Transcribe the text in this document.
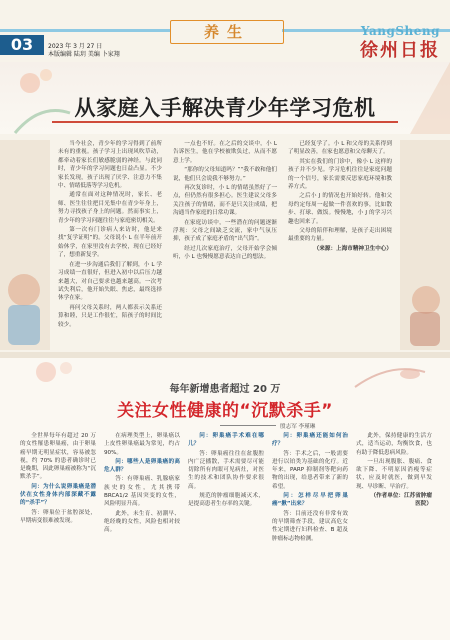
养生	YangSheng
03	2023 年 3 月 27 日
本版编辑 陆玥 美编 卜家翔	徐州日报
从家庭入手解决青少年学习危机

当今社会，青少年的学习得到了前所未有的重视。孩子学习上出现风吹草动，都牵动着家长们敏感脆弱的神经。与此同时，青少年的学习问题也日益凸显。不少家长发现，孩子出现了厌学、注意力不集中、情绪低落等学习危机。

通常在面对这种情况时，家长、老师、医生往往把目光集中在青少年身上，努力寻找孩子身上的问题。然而事实上，青少年的学习问题往往与家庭密切相关。

第一次有门诊病人来访时，他是来找“复学证明”的。父母说小 L 在半年前开始休学，在家里没有去学校，现在已经好了，想重新复学。

在进一步沟通后我们了解到，小 L 学习成绩一直很好，但进入初中以后压力越来越大，对自己要求也越来越高。一次考试失利后，他开始失眠、焦虑，最终选择休学在家。

再问父母关系时，两人都表示关系还算和睦，只是工作很忙，陪孩子的时间比较少。

一点也不好。在之后的交谈中，小 L 告诉医生，他在学校被欺负过，从而不愿意上学。

“那你的父母知道吗？”“我不敢和他们说，他们只会说我不够努力。”

再次复诊时，小 L 的情绪虽然好了一点，但仍然有很多担心。医生建议父母多关注孩子的情绪，而不是只关注成绩，把沟通当作家庭的日常功课。

在家庭访谈中，一些潜在的问题逐渐浮现：父母之间缺乏交流，家中气氛压抑，孩子成了家庭矛盾的“出气筒”。

经过几次家庭治疗，父母开始学会倾听，小 L 也慢慢愿意表达自己的想法。

已经复学了。小 L 和父母的关系得到了明显改善，在家也愿意和父母聊天了。

其实在我们的门诊中，像小 L 这样的孩子并不少见。学习危机往往是家庭问题的一个信号，家长需要反思家庭环境和教养方式。

之后小 J 的情况也开始好转。他和父母约定每周一起做一件喜欢的事，比如散步、打球、做饭。慢慢地，小 J 的学习兴趣也回来了。

父母的陪伴和理解，是孩子走出困境最重要的力量。

（来源：上海市精神卫生中心）

每年新增患者超过 20 万
关注女性健康的“沉默杀手”
殷志军 李瑾琳

全世界每年有超过 20 万的女性罹患卵巢癌，由于卵巢癌早期无明显症状，容易被忽视，约 70% 的患者确诊时已是晚期，因此卵巢癌被称为“沉默杀手”。

问：为什么说卵巢癌是潜伏在女性身体内部深藏不露的“杀手”？

答：卵巢位于盆腔深处，早期病变很难被发现。

在病理类型上，卵巢癌以上皮性卵巢癌最为常见，约占 90%。

问：哪些人是卵巢癌的高危人群？

答：有卵巢癌、乳腺癌家族史的女性，尤其携带 BRCA1/2 基因突变的女性，风险明显升高。

此外，未生育、初潮早、绝经晚的女性，风险也相对较高。

问：卵巢癌手术难在哪儿？

答：卵巢癌往往在盆腹腔内广泛播散，手术需要尽可能切除所有肉眼可见病灶，对医生的技术和团队协作要求很高。

规范的肿瘤细胞减灭术，是提高患者生存率的关键。

问：卵巢癌还能如何治疗？

答：手术之后，一般需要进行以铂类为基础的化疗。近年来，PARP 抑制剂等靶向药物的出现，给患者带来了新的希望。

问：怎样尽早把卵巢癌“揪”出来？

答：目前还没有非常有效的早期筛查手段，建议高危女性定期进行妇科检查、B 超及肿瘤标志物检测。

此外，保持健康的生活方式，适当运动，均衡饮食，也有助于降低患病风险。

一旦出现腹胀、腹痛、食欲下降、不明原因消瘦等症状，应及时就医，做到早发现、早诊断、早治疗。

（作者单位：江苏省肿瘤医院）
